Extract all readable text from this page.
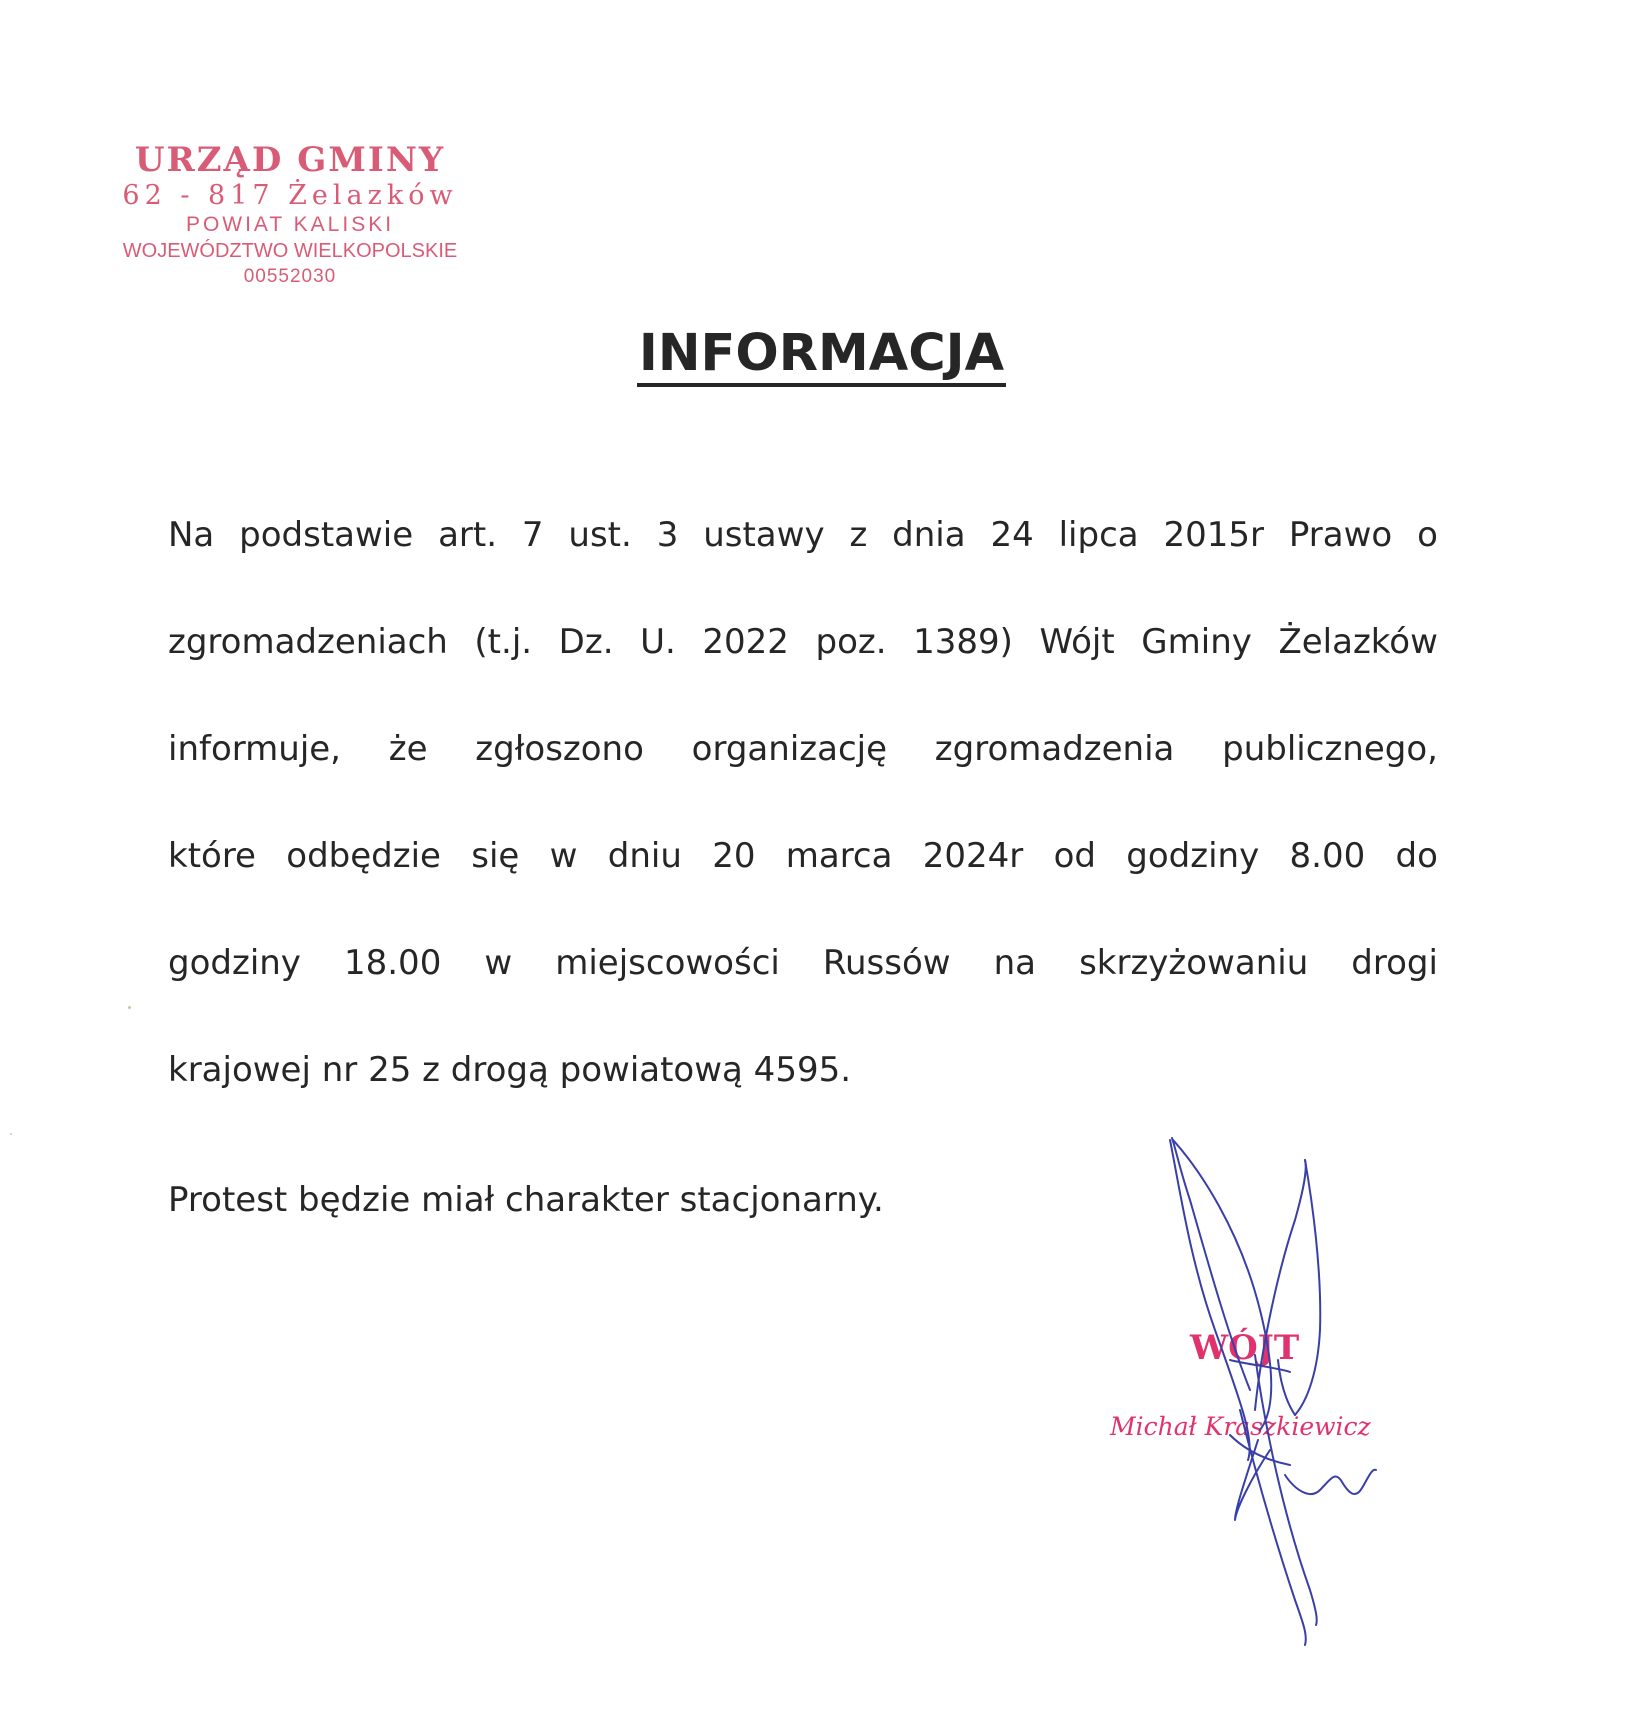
URZĄD GMINY
62 - 817 Żelazków
POWIAT KALISKI
WOJEWÓDZTWO WIELKOPOLSKIE
00552030
INFORMACJA
Na podstawie art. 7 ust. 3 ustawy z dnia 24 lipca 2015r Prawo o
zgromadzeniach (t.j. Dz. U. 2022 poz. 1389) Wójt Gminy Żelazków
informuje, że zgłoszono organizację zgromadzenia publicznego,
które odbędzie się w dniu 20 marca 2024r od godziny 8.00 do
godziny 18.00 w miejscowości Russów na skrzyżowaniu drogi
krajowej nr 25 z drogą powiatową 4595.
Protest będzie miał charakter stacjonarny.
WÓJT
Michał Kraszkiewicz
